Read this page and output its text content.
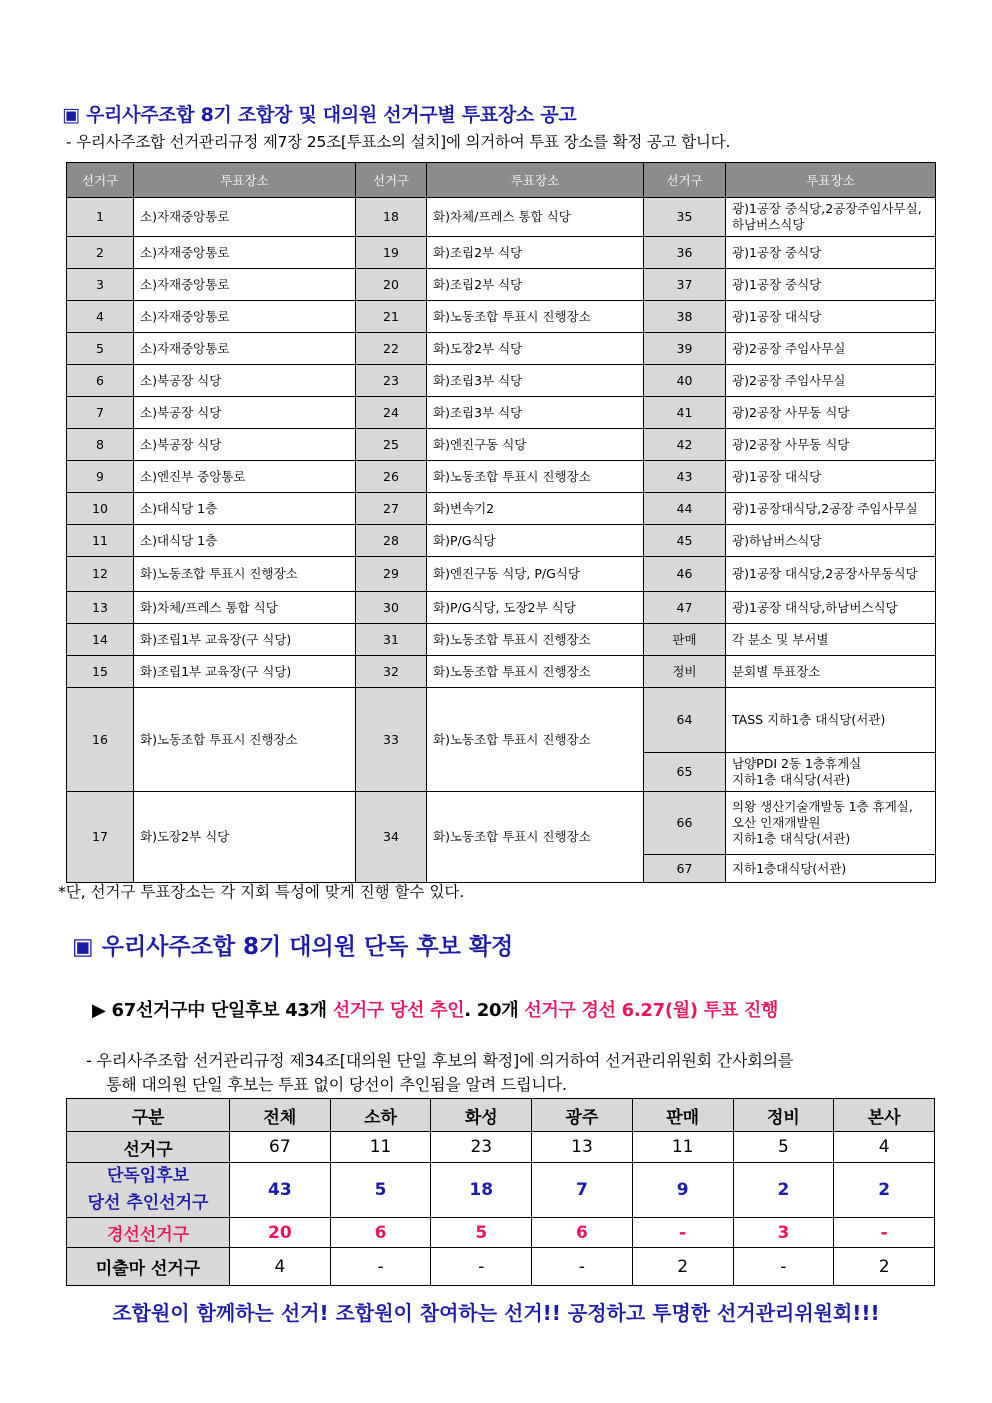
▣ 우리사주조합 8기 조합장 및 대의원 선거구별 투표장소 공고
- 우리사주조합 선거관리규정 제7장 25조[투표소의 설치]에 의거하여 투표 장소를 확정 공고 합니다.
선거구	투표장소	선거구	투표장소	선거구	투표장소
1	소)자재중앙통로	18	화)차체/프레스 통합 식당	35	광)1공장 중식당,2공장주임사무실,
하남버스식당
2	소)자재중앙통로	19	화)조립2부 식당	36	광)1공장 중식당
3	소)자재중앙통로	20	화)조립2부 식당	37	광)1공장 중식당
4	소)자재중앙통로	21	화)노동조합 투표시 진행장소	38	광)1공장 대식당
5	소)자재중앙통로	22	화)도장2부 식당	39	광)2공장 주임사무실
6	소)북공장 식당	23	화)조립3부 식당	40	광)2공장 주임사무실
7	소)북공장 식당	24	화)조립3부 식당	41	광)2공장 사무동 식당
8	소)북공장 식당	25	화)엔진구동 식당	42	광)2공장 사무동 식당
9	소)엔진부 중앙통로	26	화)노동조합 투표시 진행장소	43	광)1공장 대식당
10	소)대식당 1층	27	화)변속기2	44	광)1공장대식당,2공장 주임사무실
11	소)대식당 1층	28	화)P/G식당	45	광)하남버스식당
12	화)노동조합 투표시 진행장소	29	화)엔진구동 식당, P/G식당	46	광)1공장 대식당,2공장사무동식당
13	화)차체/프레스 통합 식당	30	화)P/G식당, 도장2부 식당	47	광)1공장 대식당,하남버스식당
14	화)조립1부 교육장(구 식당)	31	화)노동조합 투표시 진행장소	판매	각 분소 및 부서별
15	화)조립1부 교육장(구 식당)	32	화)노동조합 투표시 진행장소	정비	분회별 투표장소
16	화)노동조합 투표시 진행장소	33	화)노동조합 투표시 진행장소	64	TASS 지하1층 대식당(서관)
				65	남양PDI 2동 1층휴게실
지하1층 대식당(서관)
17	화)도장2부 식당	34	화)노동조합 투표시 진행장소	66	의왕 생산기술개발동 1층 휴게실,
오산 인재개발원
지하1층 대식당(서관)
				67	지하1층대식당(서관)
*단, 선거구 투표장소는 각 지회 특성에 맞게 진행 할수 있다.
▣ 우리사주조합 8기 대의원 단독 후보 확정
▶ 67선거구中 단일후보 43개 선거구 당선 추인. 20개 선거구 경선 6.27(월) 투표 진행
- 우리사주조합 선거관리규정 제34조[대의원 단일 후보의 확정]에 의거하여 선거관리위원회 간사회의를
통해 대의원 단일 후보는 투표 없이 당선이 추인됨을 알려 드립니다.
구분	전체	소하	화성	광주	판매	정비	본사
선거구	67	11	23	13	11	5	4

단독입후보
당선 추인선거구	43	5	18	7	9	2	2
경선선거구	20	6	5	6	-	3	-
미출마 선거구	4	-	-	-	2	-	2
조합원이 함께하는 선거! 조합원이 참여하는 선거!! 공정하고 투명한 선거관리위원회!!!
